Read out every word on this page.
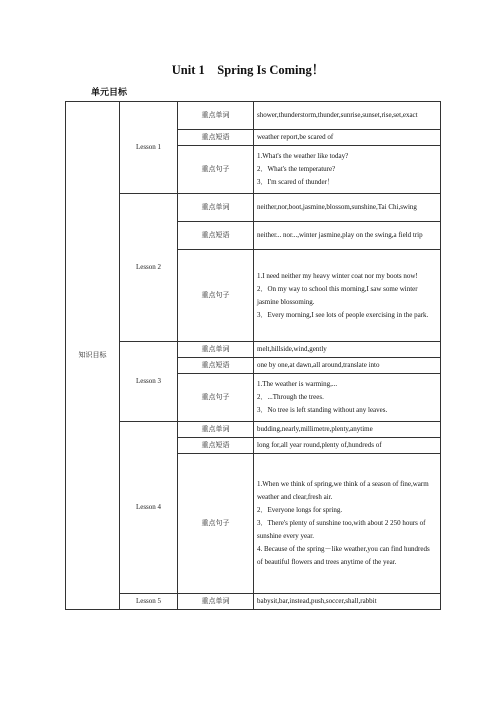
Unit 1　Spring Is Coming！
单元目标
知识目标	Lesson 1	重点单词	shower,thunderstorm,thunder,sunrise,sunset,rise,set,exact
		重点短语	weather report,be scared of
		重点句子	1.What's the weather like today?
2．What's the temperature?
3．I'm scared of thunder！

	Lesson 2	重点单词	neither,nor,boot,jasmine,blossom,sunshine,Tai Chi,swing
		重点短语	neither... nor...,winter jasmine,play on the swing,a field trip
		重点句子	1.I need neither my heavy winter coat nor my boots now!
2．On my way to school this morning,I saw some winter jasmine blossoming.
3．Every morning,I see lots of people exercising in the park.

	Lesson 3	重点单词	melt,hillside,wind,gently
		重点短语	one by one,at dawn,all around,translate into
		重点句子	1.The weather is warming,...
2．...Through the trees.
3．No tree is left standing without any leaves.

	Lesson 4	重点单词	budding,nearly,millimetre,plenty,anytime
		重点短语	long for,all year round,plenty of,hundreds of
		重点句子	1.When we think of spring,we think of a season of fine,warm weather and clear,fresh air.
2．Everyone longs for spring.
3．There's plenty of sunshine too,with about 2 250 hours of sunshine every year.
4. Because of the spring－like weather,you can find hundreds of beautiful flowers and trees anytime of the year.

	Lesson 5	重点单词	babysit,bar,instead,push,soccer,shall,rabbit
